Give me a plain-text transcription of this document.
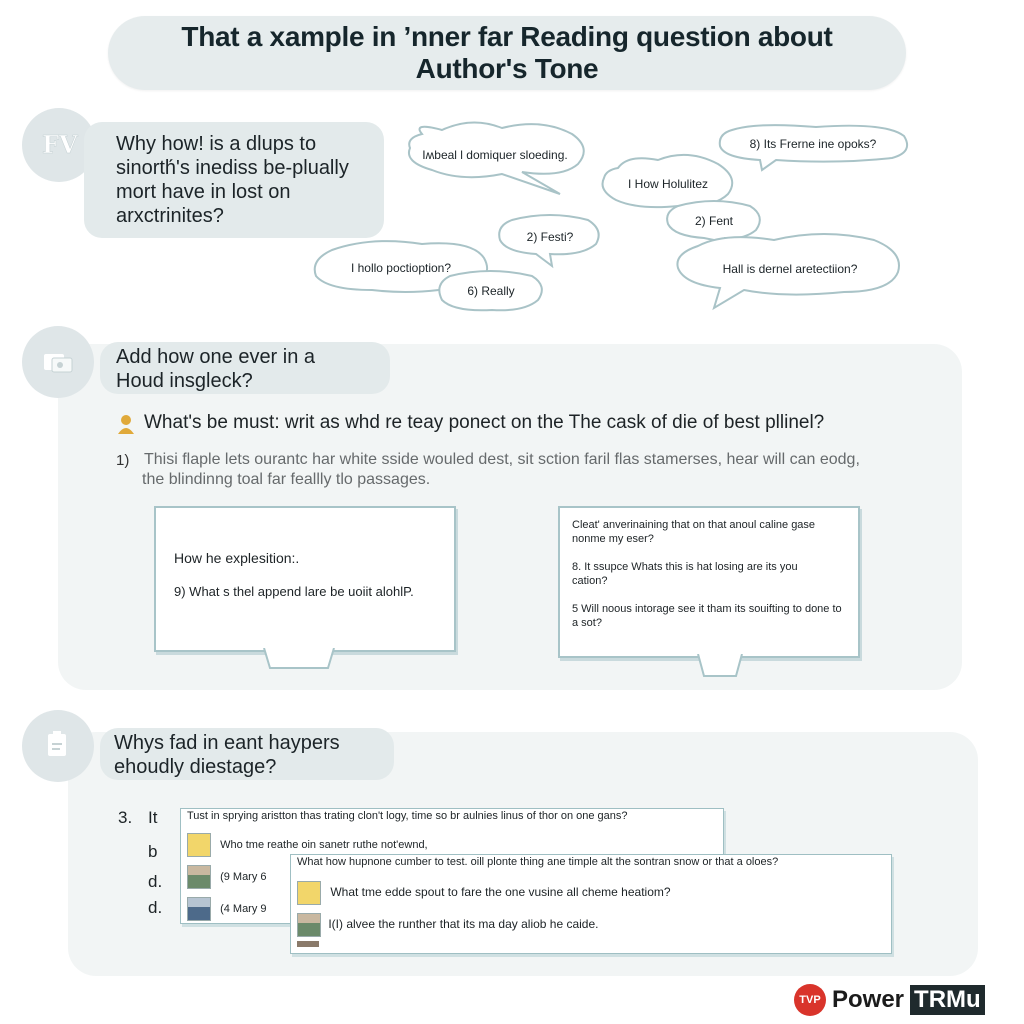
That a xample in ’nner far Reading question about
Author's Tone
FV Why how! is a dlups to
sinorth́'s inediss be-plually
mort have in lost on
arxctrinites?
Iʍbeal l domiquer sloeding.
8) Its Frerne ine opoks?
I How Holulitez
2) Festi?
2) Fent
I hollo poctioption?
6) Really
Hall is dernel aretectiion?
Add how one ever in a
Houd insgleck?
What's be must: writ as whd re teay ponect on the The cask of die of best pllinel?
1) Thisi flaple lets ourantc har white sside wouled dest, sit sction faril flas stamerses, hear will can eodg,
the blindinng toal far feallly tlo passages.
How he explesition:.
9) What s thel append lare be uoiit alohlP.
Cleat' anverinaining that on that anoul caline gase nonme my eser?
8. It ssupce Whats this is hat losing are its you cation?
5 Will noous intorage see it tham its souifting to done to a sot?
Whys fad in eant haypers
ehoudly diestage?
3. It
b
d.
d.
Tust in sprying aristton thas trating clon't logy, time so br aulnies linus of thor on one gans?
Who tme reathe oin sanetr ruthe not'ewnd,
(9 Mary 6
(4 Mary 9
What how hupnone cumber to test. oill plonte thing ane timple alt the sontran snow or that a oloes?
What tme edde spout to fare the one vusine all cheme heatiom?
I(I) alvee the runther that its ma day aliob he caide.
TVP Power TRMu
